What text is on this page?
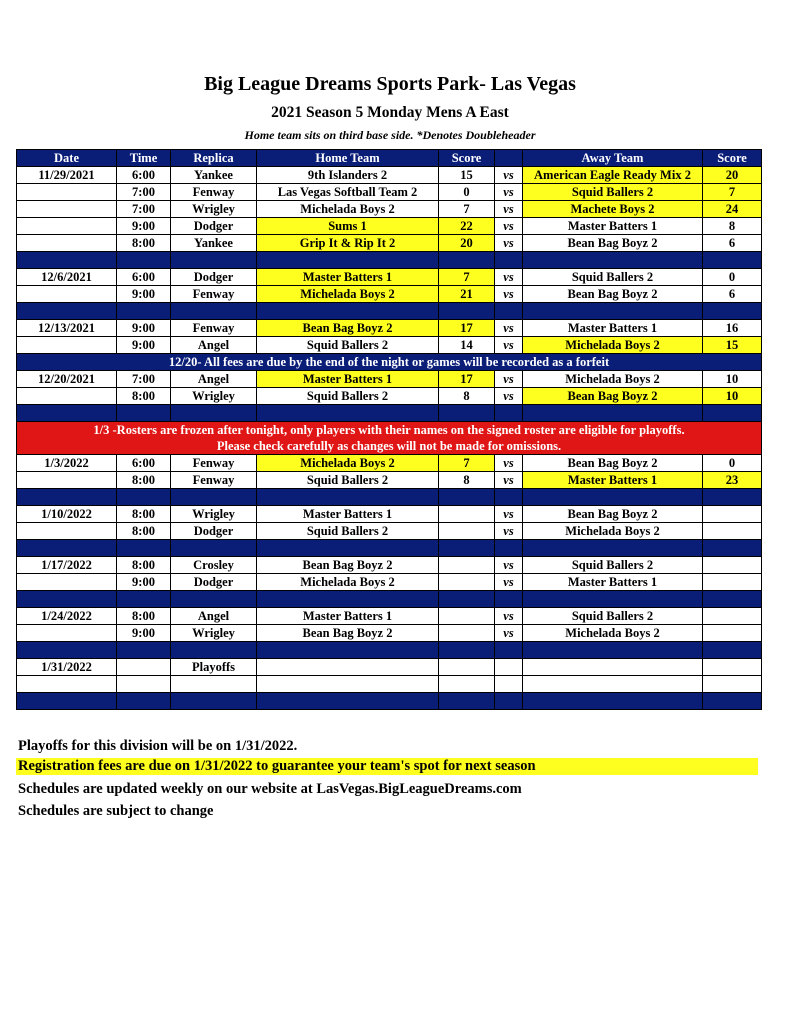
Big League Dreams Sports Park- Las Vegas
2021 Season 5 Monday Mens A East
Home team sits on third base side. *Denotes Doubleheader
Date	Time	Replica	Home Team	Score		Away Team	Score
11/29/2021	6:00	Yankee	9th Islanders 2	15	vs	American Eagle Ready Mix 2	20
	7:00	Fenway	Las Vegas Softball Team 2	0	vs	Squid Ballers 2	7
	7:00	Wrigley	Michelada Boys 2	7	vs	Machete Boys 2	24
	9:00	Dodger	Sums 1	22	vs	Master Batters 1	8
	8:00	Yankee	Grip It & Rip It 2	20	vs	Bean Bag Boyz 2	6

12/6/2021	6:00	Dodger	Master Batters 1	7	vs	Squid Ballers 2	0
	9:00	Fenway	Michelada Boys 2	21	vs	Bean Bag Boyz 2	6

12/13/2021	9:00	Fenway	Bean Bag Boyz 2	17	vs	Master Batters 1	16
	9:00	Angel	Squid Ballers 2	14	vs	Michelada Boys 2	15
12/20- All fees are due by the end of the night or games will be recorded as a forfeit							
12/20/2021	7:00	Angel	Master Batters 1	17	vs	Michelada Boys 2	10
	8:00	Wrigley	Squid Ballers 2	8	vs	Bean Bag Boyz 2	10

1/3 -Rosters are frozen after tonight, only players with their names on the signed roster are eligible for playoffs.
Please check carefully as changes will not be made for omissions.							

1/3/2022	6:00	Fenway	Michelada Boys 2	7	vs	Bean Bag Boyz 2	0
	8:00	Fenway	Squid Ballers 2	8	vs	Master Batters 1	23

1/10/2022	8:00	Wrigley	Master Batters 1		vs	Bean Bag Boyz 2	
	8:00	Dodger	Squid Ballers 2		vs	Michelada Boys 2	

1/17/2022	8:00	Crosley	Bean Bag Boyz 2		vs	Squid Ballers 2	
	9:00	Dodger	Michelada Boys 2		vs	Master Batters 1	

1/24/2022	8:00	Angel	Master Batters 1		vs	Squid Ballers 2	
	9:00	Wrigley	Bean Bag Boyz 2		vs	Michelada Boys 2	

1/31/2022		Playoffs					

Playoffs for this division will be on 1/31/2022.
Registration fees are due on 1/31/2022 to guarantee your team's spot for next season
Schedules are updated weekly on our website at LasVegas.BigLeagueDreams.com
Schedules are subject to change
